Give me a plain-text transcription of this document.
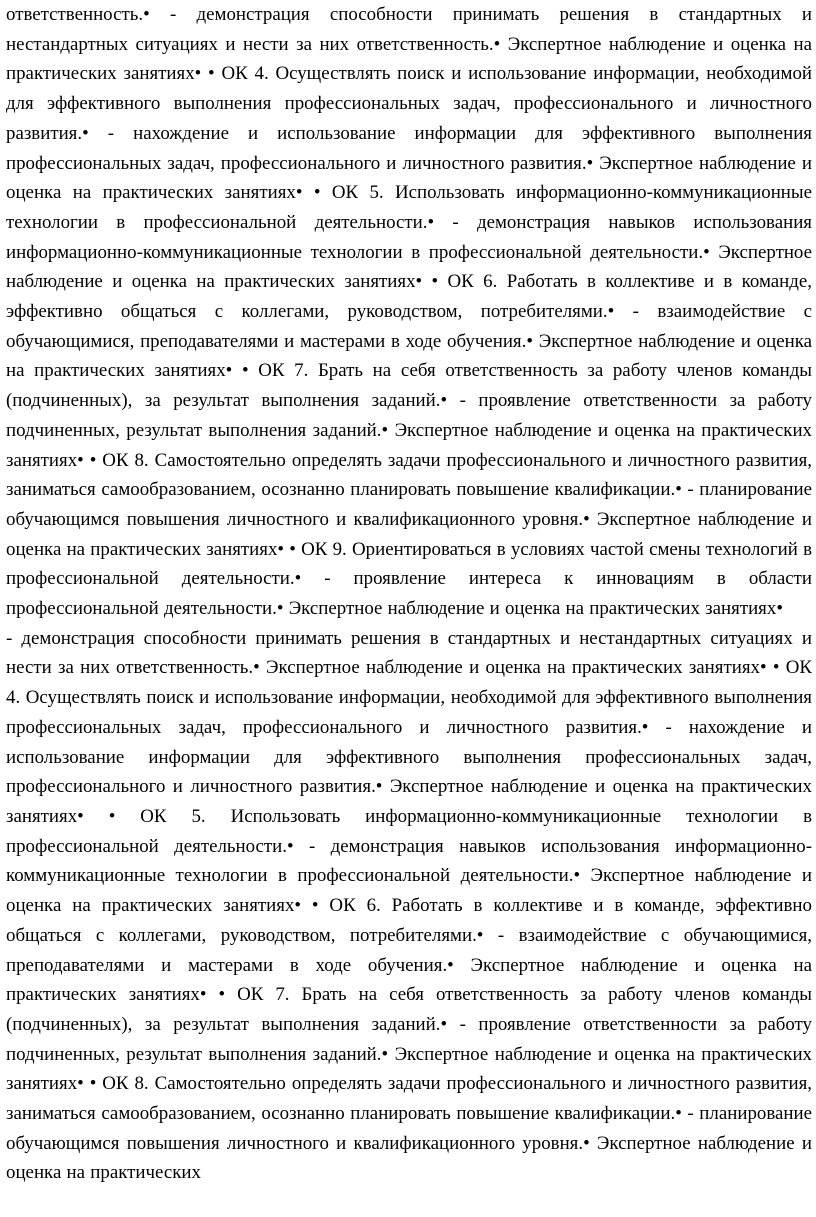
ответственность.• - демонстрация способности принимать решения в стандартных и нестандартных ситуациях и нести за них ответственность.• Экспертное наблюдение и оценка на практических занятиях• • ОК 4. Осуществлять поиск и использование информации, необходимой для эффективного выполнения профессиональных задач, профессионального и личностного развития.• - нахождение и использование информации для эффективного выполнения профессиональных задач, профессионального и личностного развития.• Экспертное наблюдение и оценка на практических занятиях• • ОК 5. Использовать информационно-коммуникационные технологии в профессиональной деятельности.• - демонстрация навыков использования информационно-коммуникационные технологии в профессиональной деятельности.• Экспертное наблюдение и оценка на практических занятиях• • ОК 6. Работать в коллективе и в команде, эффективно общаться с коллегами, руководством, потребителями.• - взаимодействие с обучающимися, преподавателями и мастерами в ходе обучения.• Экспертное наблюдение и оценка на практических занятиях• • ОК 7. Брать на себя ответственность за работу членов команды (подчиненных), за результат выполнения заданий.• - проявление ответственности за работу подчиненных, результат выполнения заданий.• Экспертное наблюдение и оценка на практических занятиях• • ОК 8. Самостоятельно определять задачи профессионального и личностного развития, заниматься самообразованием, осознанно планировать повышение квалификации.• - планирование обучающимся повышения личностного и квалификационного уровня.• Экспертное наблюдение и оценка на практических занятиях• • ОК 9. Ориентироваться в условиях частой смены технологий в профессиональной деятельности.• - проявление интереса к инновациям в области профессиональной деятельности.• Экспертное наблюдение и оценка на практических занятиях•- демонстрация способности принимать решения в стандартных и нестандартных ситуациях и нести за них ответственность.• Экспертное наблюдение и оценка на практических занятиях• • ОК 4. Осуществлять поиск и использование информации, необходимой для эффективного выполнения профессиональных задач, профессионального и личностного развития.• - нахождение и использование информации для эффективного выполнения профессиональных задач, профессионального и личностного развития.• Экспертное наблюдение и оценка на практических занятиях• • ОК 5. Использовать информационно-коммуникационные технологии в профессиональной деятельности.• - демонстрация навыков использования информационно-коммуникационные технологии в профессиональной деятельности.• Экспертное наблюдение и оценка на практических занятиях• • ОК 6. Работать в коллективе и в команде, эффективно общаться с коллегами, руководством, потребителями.• - взаимодействие с обучающимися, преподавателями и мастерами в ходе обучения.• Экспертное наблюдение и оценка на практических занятиях• • ОК 7. Брать на себя ответственность за работу членов команды (подчиненных), за результат выполнения заданий.• - проявление ответственности за работу подчиненных, результат выполнения заданий.• Экспертное наблюдение и оценка на практических занятиях• • ОК 8. Самостоятельно определять задачи профессионального и личностного развития, заниматься самообразованием, осознанно планировать повышение квалификации.• - планирование обучающимся повышения личностного и квалификационного уровня.• Экспертное наблюдение и оценка на практических
